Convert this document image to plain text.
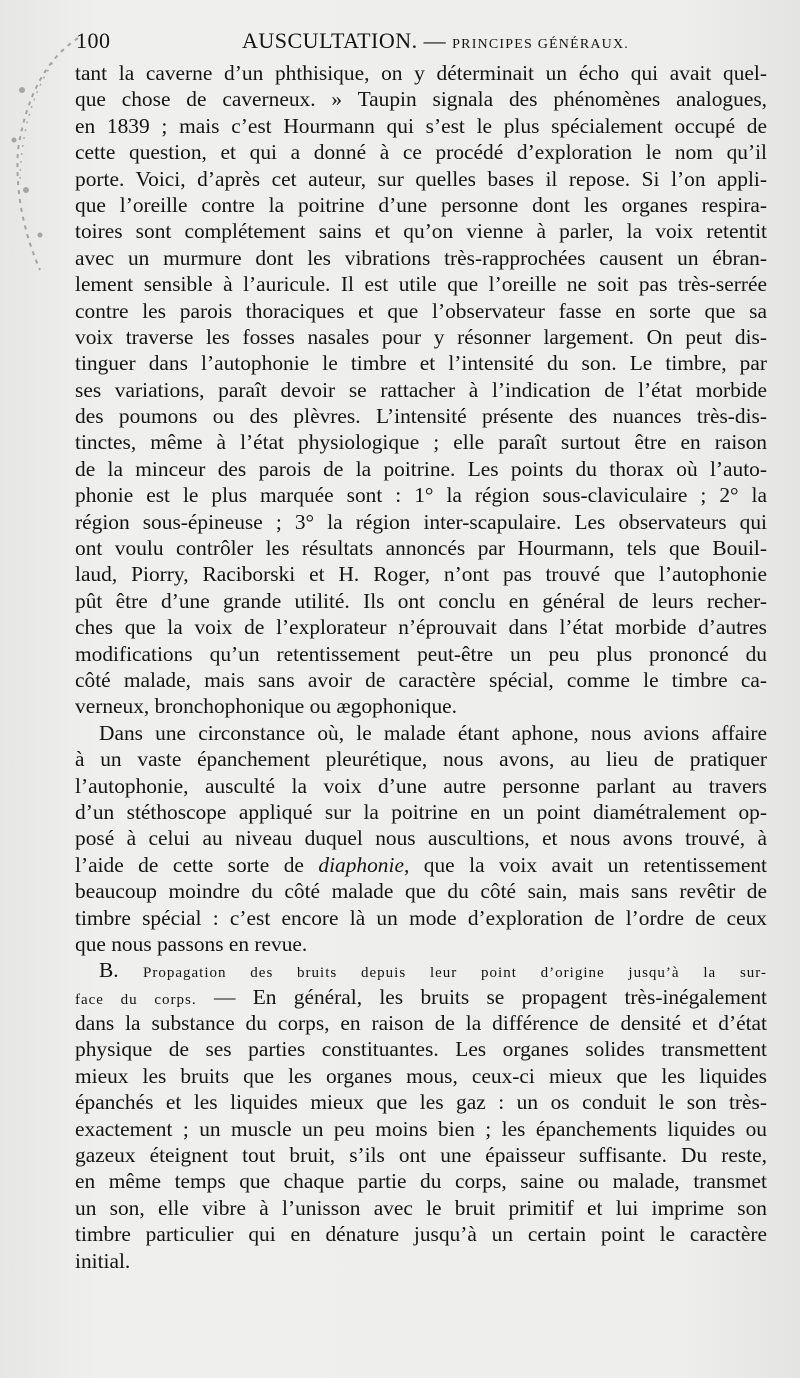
100	AUSCULTATION. — PRINCIPES GÉNÉRAUX.
tant la caverne d’un phthisique, on y déterminait un écho qui avait quel-
que chose de caverneux. » Taupin signala des phénomènes analogues,
en 1839 ; mais c’est Hourmann qui s’est le plus spécialement occupé de
cette question, et qui a donné à ce procédé d’exploration le nom qu’il
porte. Voici, d’après cet auteur, sur quelles bases il repose. Si l’on appli-
que l’oreille contre la poitrine d’une personne dont les organes respira-
toires sont complétement sains et qu’on vienne à parler, la voix retentit
avec un murmure dont les vibrations très-rapprochées causent un ébran-
lement sensible à l’auricule. Il est utile que l’oreille ne soit pas très-serrée
contre les parois thoraciques et que l’observateur fasse en sorte que sa
voix traverse les fosses nasales pour y résonner largement. On peut dis-
tinguer dans l’autophonie le timbre et l’intensité du son. Le timbre, par
ses variations, paraît devoir se rattacher à l’indication de l’état morbide
des poumons ou des plèvres. L’intensité présente des nuances très-dis-
tinctes, même à l’état physiologique ; elle paraît surtout être en raison
de la minceur des parois de la poitrine. Les points du thorax où l’auto-
phonie est le plus marquée sont : 1° la région sous-claviculaire ; 2° la
région sous-épineuse ; 3° la région inter-scapulaire. Les observateurs qui
ont voulu contrôler les résultats annoncés par Hourmann, tels que Bouil-
laud, Piorry, Raciborski et H. Roger, n’ont pas trouvé que l’autophonie
pût être d’une grande utilité. Ils ont conclu en général de leurs recher-
ches que la voix de l’explorateur n’éprouvait dans l’état morbide d’autres
modifications qu’un retentissement peut-être un peu plus prononcé du
côté malade, mais sans avoir de caractère spécial, comme le timbre ca-
verneux, bronchophonique ou ægophonique.
Dans une circonstance où, le malade étant aphone, nous avions affaire
à un vaste épanchement pleurétique, nous avons, au lieu de pratiquer
l’autophonie, ausculté la voix d’une autre personne parlant au travers
d’un stéthoscope appliqué sur la poitrine en un point diamétralement op-
posé à celui au niveau duquel nous auscultions, et nous avons trouvé, à
l’aide de cette sorte de diaphonie, que la voix avait un retentissement
beaucoup moindre du côté malade que du côté sain, mais sans revêtir de
timbre spécial : c’est encore là un mode d’exploration de l’ordre de ceux
que nous passons en revue.
B. Propagation des bruits depuis leur point d’origine jusqu’à la sur-
face du corps. — En général, les bruits se propagent très-inégalement
dans la substance du corps, en raison de la différence de densité et d’état
physique de ses parties constituantes. Les organes solides transmettent
mieux les bruits que les organes mous, ceux-ci mieux que les liquides
épanchés et les liquides mieux que les gaz : un os conduit le son très-
exactement ; un muscle un peu moins bien ; les épanchements liquides ou
gazeux éteignent tout bruit, s’ils ont une épaisseur suffisante. Du reste,
en même temps que chaque partie du corps, saine ou malade, transmet
un son, elle vibre à l’unisson avec le bruit primitif et lui imprime son
timbre particulier qui en dénature jusqu’à un certain point le caractère
initial.
